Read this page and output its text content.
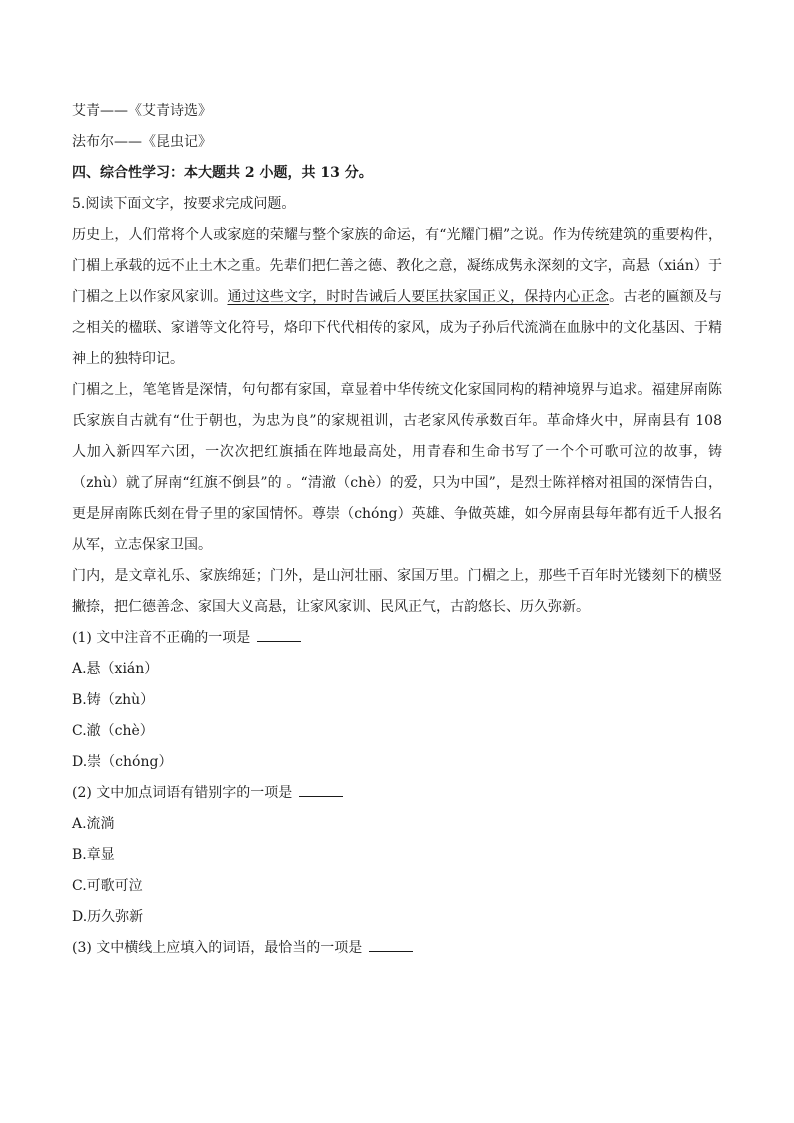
艾青——《艾青诗选》

法布尔——《昆虫记》

四、综合性学习：本大题共 2 小题，共 13 分。

5.阅读下面文字，按要求完成问题。

历史上，人们常将个人或家庭的荣耀与整个家族的命运，有“光耀门楣”之说。作为传统建筑的重要构件，门楣上承载的远不止土木之重。先辈们把仁善之德、教化之意，凝练成隽永深刻的文字，高悬（xián）于门楣之上以作家风家训。通过这些文字，时时告诫后人要匡扶家国正义，保持内心正念。古老的匾额及与之相关的楹联、家谱等文化符号，烙印下代代相传的家风，成为子孙后代流淌在血脉中的文化基因、于精神上的独特印记。

门楣之上，笔笔皆是深情，句句都有家国，章显着中华传统文化家国同构的精神境界与追求。福建屏南陈氏家族自古就有“仕于朝也，为忠为良”的家规祖训，古老家风传承数百年。革命烽火中，屏南县有 108 人加入新四军六团，一次次把红旗插在阵地最高处，用青春和生命书写了一个个可歌可泣的故事，铸（zhù）就了屏南“红旗不倒县”的 。“清澈（chè）的爱，只为中国”，是烈士陈祥榕对祖国的深情告白，更是屏南陈氏刻在骨子里的家国情怀。尊崇（chóng）英雄、争做英雄，如今屏南县每年都有近千人报名从军，立志保家卫国。

门内，是文章礼乐、家族绵延；门外，是山河壮丽、家国万里。门楣之上，那些千百年时光镂刻下的横竖撇捺，把仁德善念、家国大义高悬，让家风家训、民风正气，古韵悠长、历久弥新。

(1) 文中注音不正确的一项是

A.悬（xián）

B.铸（zhù）

C.澈（chè）

D.崇（chóng）

(2) 文中加点词语有错别字的一项是

A.流淌

B.章显

C.可歌可泣

D.历久弥新

(3) 文中横线上应填入的词语，最恰当的一项是
